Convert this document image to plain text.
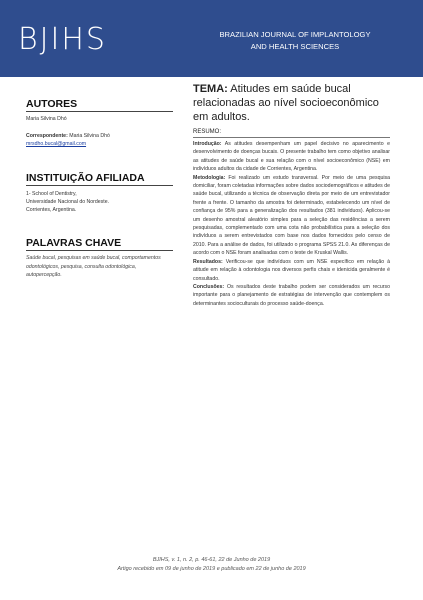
BJIHS	BRAZILIAN JOURNAL OF IMPLANTOLOGY
AND HEALTH SCIENCES
AUTORES
Maria Silvina Dhó
Correspondente: Maria Silvina Dhó
mrsdho.bucal@gmail.com
INSTITUIÇÃO AFILIADA
1- School of Dentistry,
Universidade Nacional do Nordeste.
Corrientes, Argentina.
PALAVRAS CHAVE
Saúde bucal, pesquisas em saúde bucal, comportamentos odontológicos, pesquisa, consulta odontológica, autopercepção.
TEMA: Atitudes em saúde bucal relacionadas ao nível socioeconômico em adultos.
RESUMO:

Introdução: As atitudes desempenham um papel decisivo no aparecimento e desenvolvimento de doenças bucais. O presente trabalho tem como objetivo analisar as atitudes de saúde bucal e sua relação com o nível socioeconômico (NSE) em indivíduos adultos da cidade de Corrientes, Argentina.

Metodologia: Foi realizado um estudo transversal. Por meio de uma pesquisa domiciliar, foram coletadas informações sobre dados sociodemográficos e atitudes de saúde bucal, utilizando a técnica de observação direta por meio de um entrevistador frente a frente. O tamanho da amostra foi determinado, estabelecendo um nível de confiança de 95% para a generalização dos resultados (381 indivíduos). Aplicou-se um desenho amostral aleatório simples para a seleção das residências a serem pesquisadas, complementado com uma cota não probabilística para a seleção dos indivíduos a serem entrevistados com base nos dados fornecidos pelo censo de 2010. Para a análise de dados, foi utilizado o programa SPSS 21.0. As diferenças de acordo com o NSE foram analisadas com o teste de Kruskal Wallis.

Resultados: Verificou-se que indivíduos com um NSE específico em relação à atitude em relação à odontologia nos diversos perfis chais e idenicida geralmente é consultado.

Conclusões: Os resultados deste trabalho podem ser considerados um recurso importante para o planejamento de estratégias de intervenção que contemplem os determinantes socioculturais do processo saúde-doença.

BJIHS, v. 1, n. 2, p. 46-61, 22 de Junho de 2019
Artigo recebido em 09 de junho de 2019 e publicado em 22 de junho de 2019
